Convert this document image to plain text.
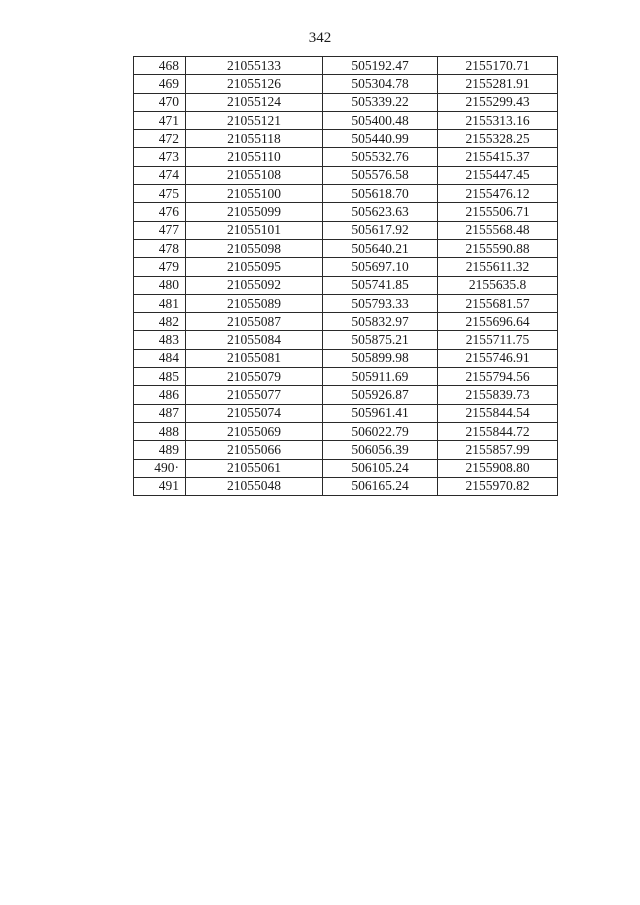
342
468	21055133	505192.47	2155170.71
469	21055126	505304.78	2155281.91
470	21055124	505339.22	2155299.43
471	21055121	505400.48	2155313.16
472	21055118	505440.99	2155328.25
473	21055110	505532.76	2155415.37
474	21055108	505576.58	2155447.45
475	21055100	505618.70	2155476.12
476	21055099	505623.63	2155506.71
477	21055101	505617.92	2155568.48
478	21055098	505640.21	2155590.88
479	21055095	505697.10	2155611.32
480	21055092	505741.85	2155635.8
481	21055089	505793.33	2155681.57
482	21055087	505832.97	2155696.64
483	21055084	505875.21	2155711.75
484	21055081	505899.98	2155746.91
485	21055079	505911.69	2155794.56
486	21055077	505926.87	2155839.73
487	21055074	505961.41	2155844.54
488	21055069	506022.79	2155844.72
489	21055066	506056.39	2155857.99
490·	21055061	506105.24	2155908.80
491	21055048	506165.24	2155970.82
